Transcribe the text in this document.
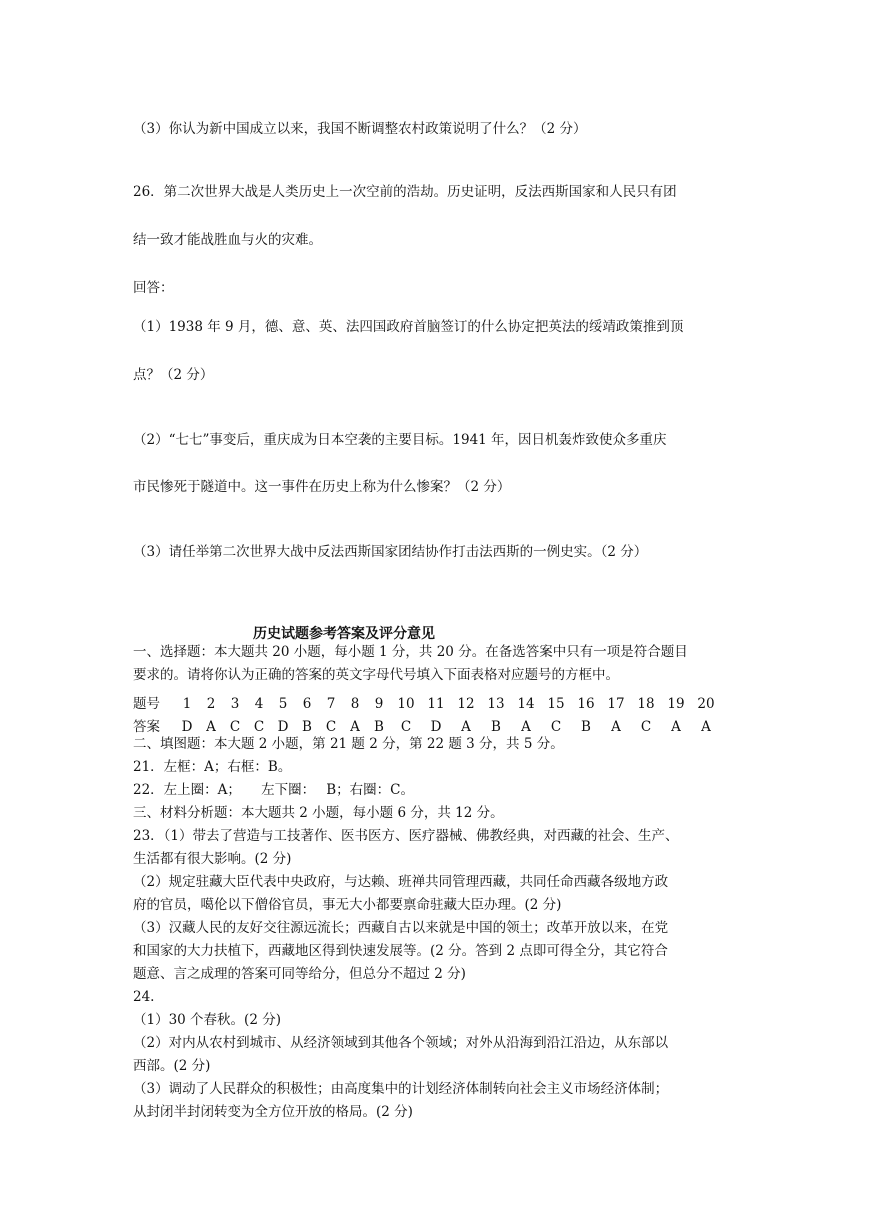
（3）你认为新中国成立以来，我国不断调整农村政策说明了什么？（2 分）
26．第二次世界大战是人类历史上一次空前的浩劫。历史证明，反法西斯国家和人民只有团
结一致才能战胜血与火的灾难。
回答：
（1）1938 年 9 月，德、意、英、法四国政府首脑签订的什么协定把英法的绥靖政策推到顶
点？（2 分）
（2）“七七”事变后，重庆成为日本空袭的主要目标。1941 年，因日机轰炸致使众多重庆
市民惨死于隧道中。这一事件在历史上称为什么惨案？（2 分）
（3）请任举第二次世界大战中反法西斯国家团结协作打击法西斯的一例史实。（2 分）
历史试题参考答案及评分意见
一、选择题：本大题共 20 小题，每小题 1 分，共 20 分。在备选答案中只有一项是符合题目
要求的。请将你认为正确的答案的英文字母代号填入下面表格对应题号的方框中。
题号 1 2 3 4 5 6 7 8 9 10 11 12 13 14 15 16 17 18 19 20
答案 D A C C D B C A B C D A B A C B A C A A
二、填图题：本大题 2 小题，第 21 题 2 分，第 22 题 3 分，共 5 分。
21．左框：A；右框：B。
22．左上圈：A；　　左下圈：　 B；右圈：C。
三、材料分析题：本大题共 2 小题，每小题 6 分，共 12 分。
23．（1）带去了营造与工技著作、医书医方、医疗器械、佛教经典，对西藏的社会、生产、
生活都有很大影响。(2 分)
（2）规定驻藏大臣代表中央政府，与达赖、班禅共同管理西藏，共同任命西藏各级地方政
府的官员，噶伦以下僧俗官员，事无大小都要禀命驻藏大臣办理。(2 分)
（3）汉藏人民的友好交往源远流长；西藏自古以来就是中国的领土；改革开放以来，在党
和国家的大力扶植下，西藏地区得到快速发展等。(2 分。答到 2 点即可得全分，其它符合
题意、言之成理的答案可同等给分，但总分不超过 2 分)
24.
（1）30 个春秋。(2 分)
（2）对内从农村到城市、从经济领域到其他各个领域；对外从沿海到沿江沿边，从东部以
西部。(2 分)
（3）调动了人民群众的积极性；由高度集中的计划经济体制转向社会主义市场经济体制；
从封闭半封闭转变为全方位开放的格局。(2 分)
